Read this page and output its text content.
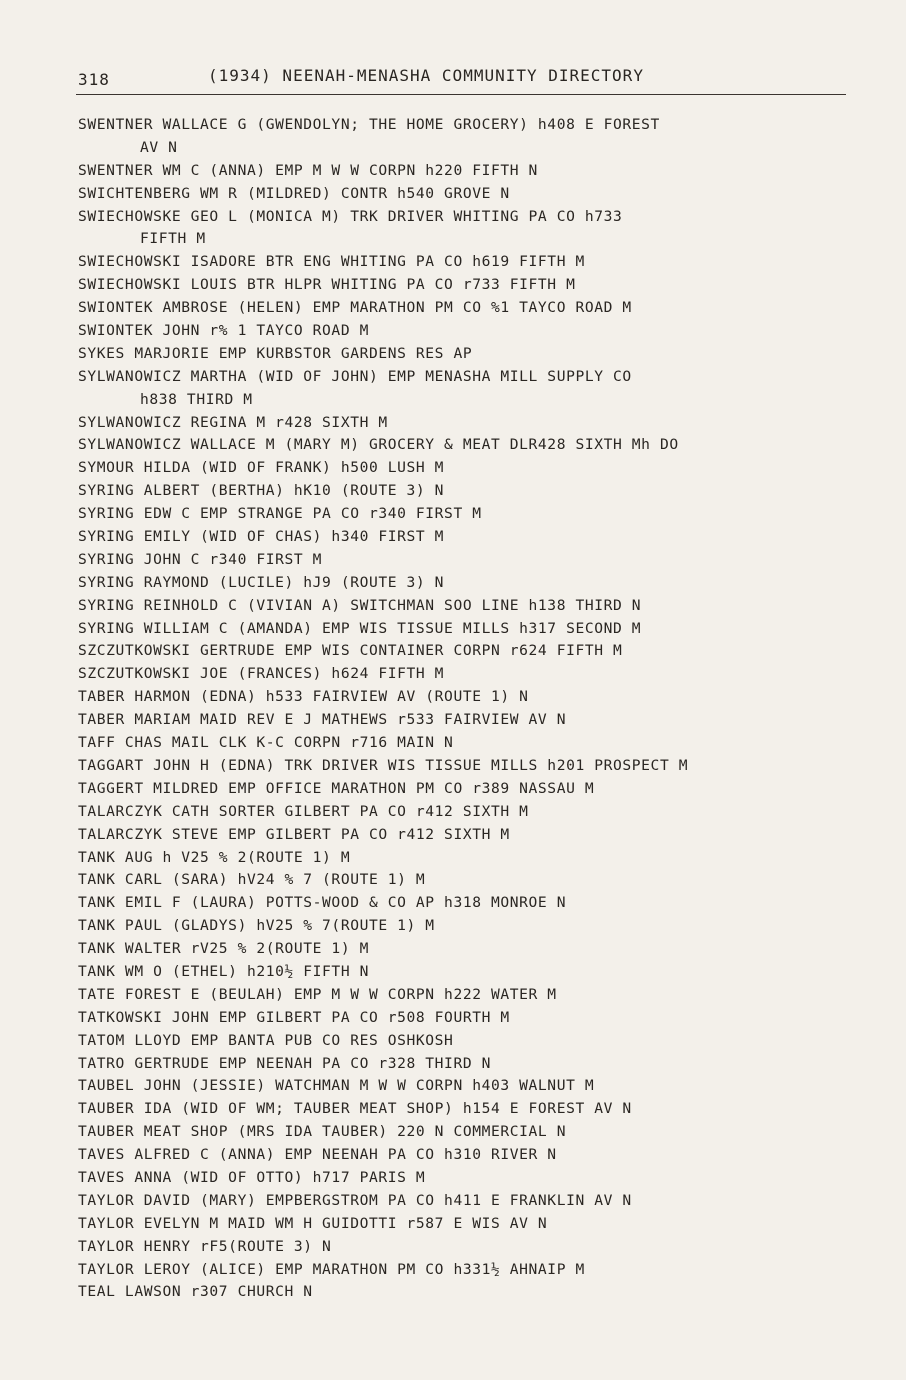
318	(1934) NEENAH-MENASHA COMMUNITY DIRECTORY
SWENTNER WALLACE G (GWENDOLYN; THE HOME GROCERY) h408 E FOREST
AV N
SWENTNER WM C (ANNA) EMP M W W CORPN h220 FIFTH N
SWICHTENBERG WM R (MILDRED) CONTR h540 GROVE N
SWIECHOWSKE GEO L (MONICA M) TRK DRIVER WHITING PA CO h733
FIFTH M
SWIECHOWSKI ISADORE BTR ENG WHITING PA CO h619 FIFTH M
SWIECHOWSKI LOUIS BTR HLPR WHITING PA CO r733 FIFTH M
SWIONTEK AMBROSE (HELEN) EMP MARATHON PM CO %1 TAYCO ROAD M
SWIONTEK JOHN r% 1 TAYCO ROAD M
SYKES MARJORIE EMP KURBSTOR GARDENS RES AP
SYLWANOWICZ MARTHA (WID OF JOHN) EMP MENASHA MILL SUPPLY CO
h838 THIRD M
SYLWANOWICZ REGINA M r428 SIXTH M
SYLWANOWICZ WALLACE M (MARY M) GROCERY & MEAT DLR428 SIXTH Mh DO
SYMOUR HILDA (WID OF FRANK) h500 LUSH M
SYRING ALBERT (BERTHA) hK10 (ROUTE 3) N
SYRING EDW C EMP STRANGE PA CO r340 FIRST M
SYRING EMILY (WID OF CHAS) h340 FIRST M
SYRING JOHN C r340 FIRST M
SYRING RAYMOND (LUCILE) hJ9 (ROUTE 3) N
SYRING REINHOLD C (VIVIAN A) SWITCHMAN SOO LINE h138 THIRD N
SYRING WILLIAM C (AMANDA) EMP WIS TISSUE MILLS h317 SECOND M
SZCZUTKOWSKI GERTRUDE EMP WIS CONTAINER CORPN r624 FIFTH M
SZCZUTKOWSKI JOE (FRANCES) h624 FIFTH M
TABER HARMON (EDNA) h533 FAIRVIEW AV (ROUTE 1) N
TABER MARIAM MAID REV E J MATHEWS r533 FAIRVIEW AV N
TAFF CHAS MAIL CLK K-C CORPN r716 MAIN N
TAGGART JOHN H (EDNA) TRK DRIVER WIS TISSUE MILLS h201 PROSPECT M
TAGGERT MILDRED EMP OFFICE MARATHON PM CO r389 NASSAU M
TALARCZYK CATH SORTER GILBERT PA CO r412 SIXTH M
TALARCZYK STEVE EMP GILBERT PA CO r412 SIXTH M
TANK AUG h V25 % 2(ROUTE 1) M
TANK CARL (SARA) hV24 % 7 (ROUTE 1) M
TANK EMIL F (LAURA) POTTS-WOOD & CO AP h318 MONROE N
TANK PAUL (GLADYS) hV25 % 7(ROUTE 1) M
TANK WALTER rV25 % 2(ROUTE 1) M
TANK WM O (ETHEL) h210½ FIFTH N
TATE FOREST E (BEULAH) EMP M W W CORPN h222 WATER M
TATKOWSKI JOHN EMP GILBERT PA CO r508 FOURTH M
TATOM LLOYD EMP BANTA PUB CO RES OSHKOSH
TATRO GERTRUDE EMP NEENAH PA CO r328 THIRD N
TAUBEL JOHN (JESSIE) WATCHMAN M W W CORPN h403 WALNUT M
TAUBER IDA (WID OF WM; TAUBER MEAT SHOP) h154 E FOREST AV N
TAUBER MEAT SHOP (MRS IDA TAUBER) 220 N COMMERCIAL N
TAVES ALFRED C (ANNA) EMP NEENAH PA CO h310 RIVER N
TAVES ANNA (WID OF OTTO) h717 PARIS M
TAYLOR DAVID (MARY) EMPBERGSTROM PA CO h411 E FRANKLIN AV N
TAYLOR EVELYN M MAID WM H GUIDOTTI r587 E WIS AV N
TAYLOR HENRY rF5(ROUTE 3) N
TAYLOR LEROY (ALICE) EMP MARATHON PM CO h331½ AHNAIP M
TEAL LAWSON r307 CHURCH N
